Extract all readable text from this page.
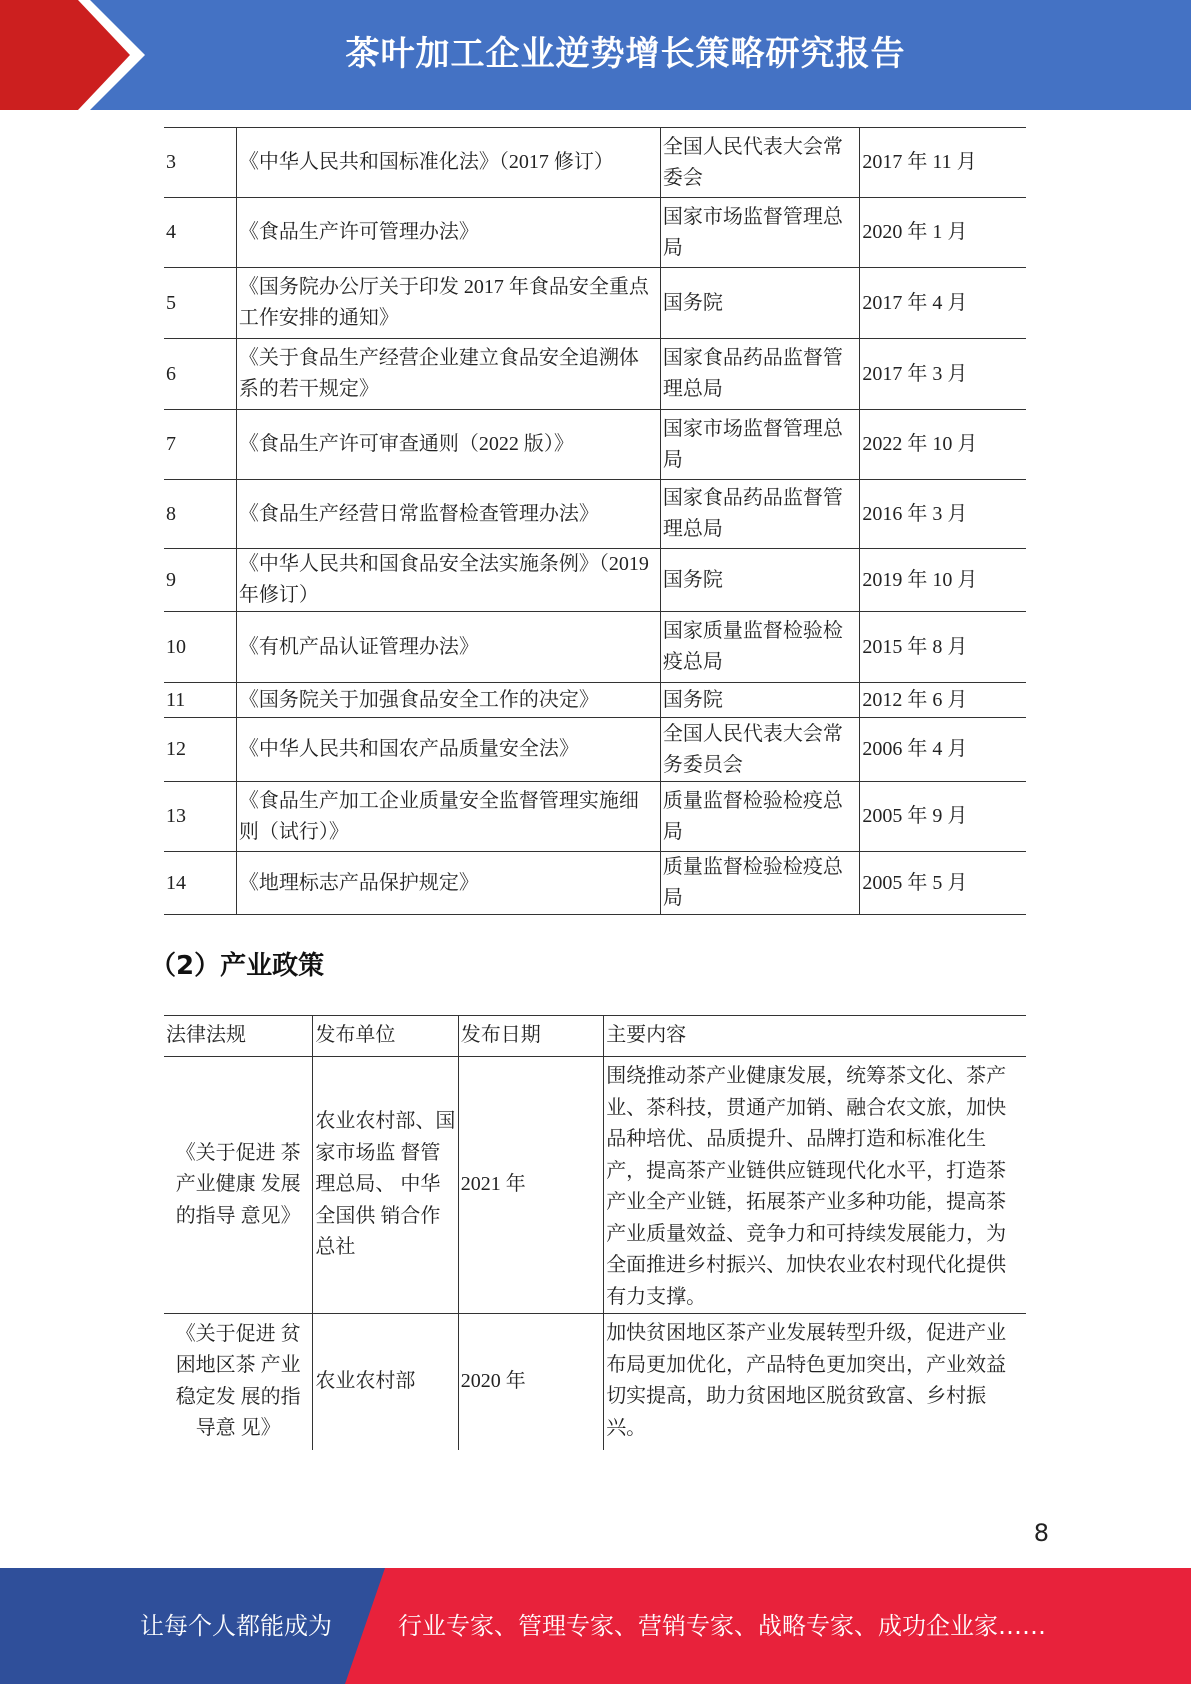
茶叶加工企业逆势增长策略研究报告
3	《中华人民共和国标准化法》（2017 修订）	全国人民代表大会常委会	2017 年 11 月
4	《食品生产许可管理办法》	国家市场监督管理总局	2020 年 1 月
5	《国务院办公厅关于印发 2017 年食品安全重点工作安排的通知》	国务院	2017 年 4 月
6	《关于食品生产经营企业建立食品安全追溯体系的若干规定》	国家食品药品监督管理总局	2017 年 3 月
7	《食品生产许可审查通则（2022 版）》	国家市场监督管理总局	2022 年 10 月
8	《食品生产经营日常监督检查管理办法》	国家食品药品监督管理总局	2016 年 3 月
9	《中华人民共和国食品安全法实施条例》（2019 年修订）	国务院	2019 年 10 月
10	《有机产品认证管理办法》	国家质量监督检验检疫总局	2015 年 8 月
11	《国务院关于加强食品安全工作的决定》	国务院	2012 年 6 月
12	《中华人民共和国农产品质量安全法》	全国人民代表大会常务委员会	2006 年 4 月
13	《食品生产加工企业质量安全监督管理实施细则（试行）》	质量监督检验检疫总局	2005 年 9 月
14	《地理标志产品保护规定》	质量监督检验检疫总局	2005 年 5 月
（2）产业政策
法律法规	发布单位	发布日期	主要内容
《关于促进 茶产业健康 发展的指导 意见》	农业农村部、国家市场监 督管理总局、 中华全国供 销合作总社	2021 年	围绕推动茶产业健康发展，统筹茶文化、茶产业、茶科技，贯通产加销、融合农文旅，加快品种培优、品质提升、品牌打造和标准化生产，提高茶产业链供应链现代化水平，打造茶产业全产业链，拓展茶产业多种功能，提高茶产业质量效益、竞争力和可持续发展能力，为全面推进乡村振兴、加快农业农村现代化提供有力支撑。
《关于促进 贫困地区茶 产业稳定发 展的指导意 见》	农业农村部	2020 年	加快贫困地区茶产业发展转型升级，促进产业布局更加优化，产品特色更加突出，产业效益切实提高，助力贫困地区脱贫致富、乡村振兴。
8
让每个人都能成为	行业专家、管理专家、营销专家、战略专家、成功企业家……
